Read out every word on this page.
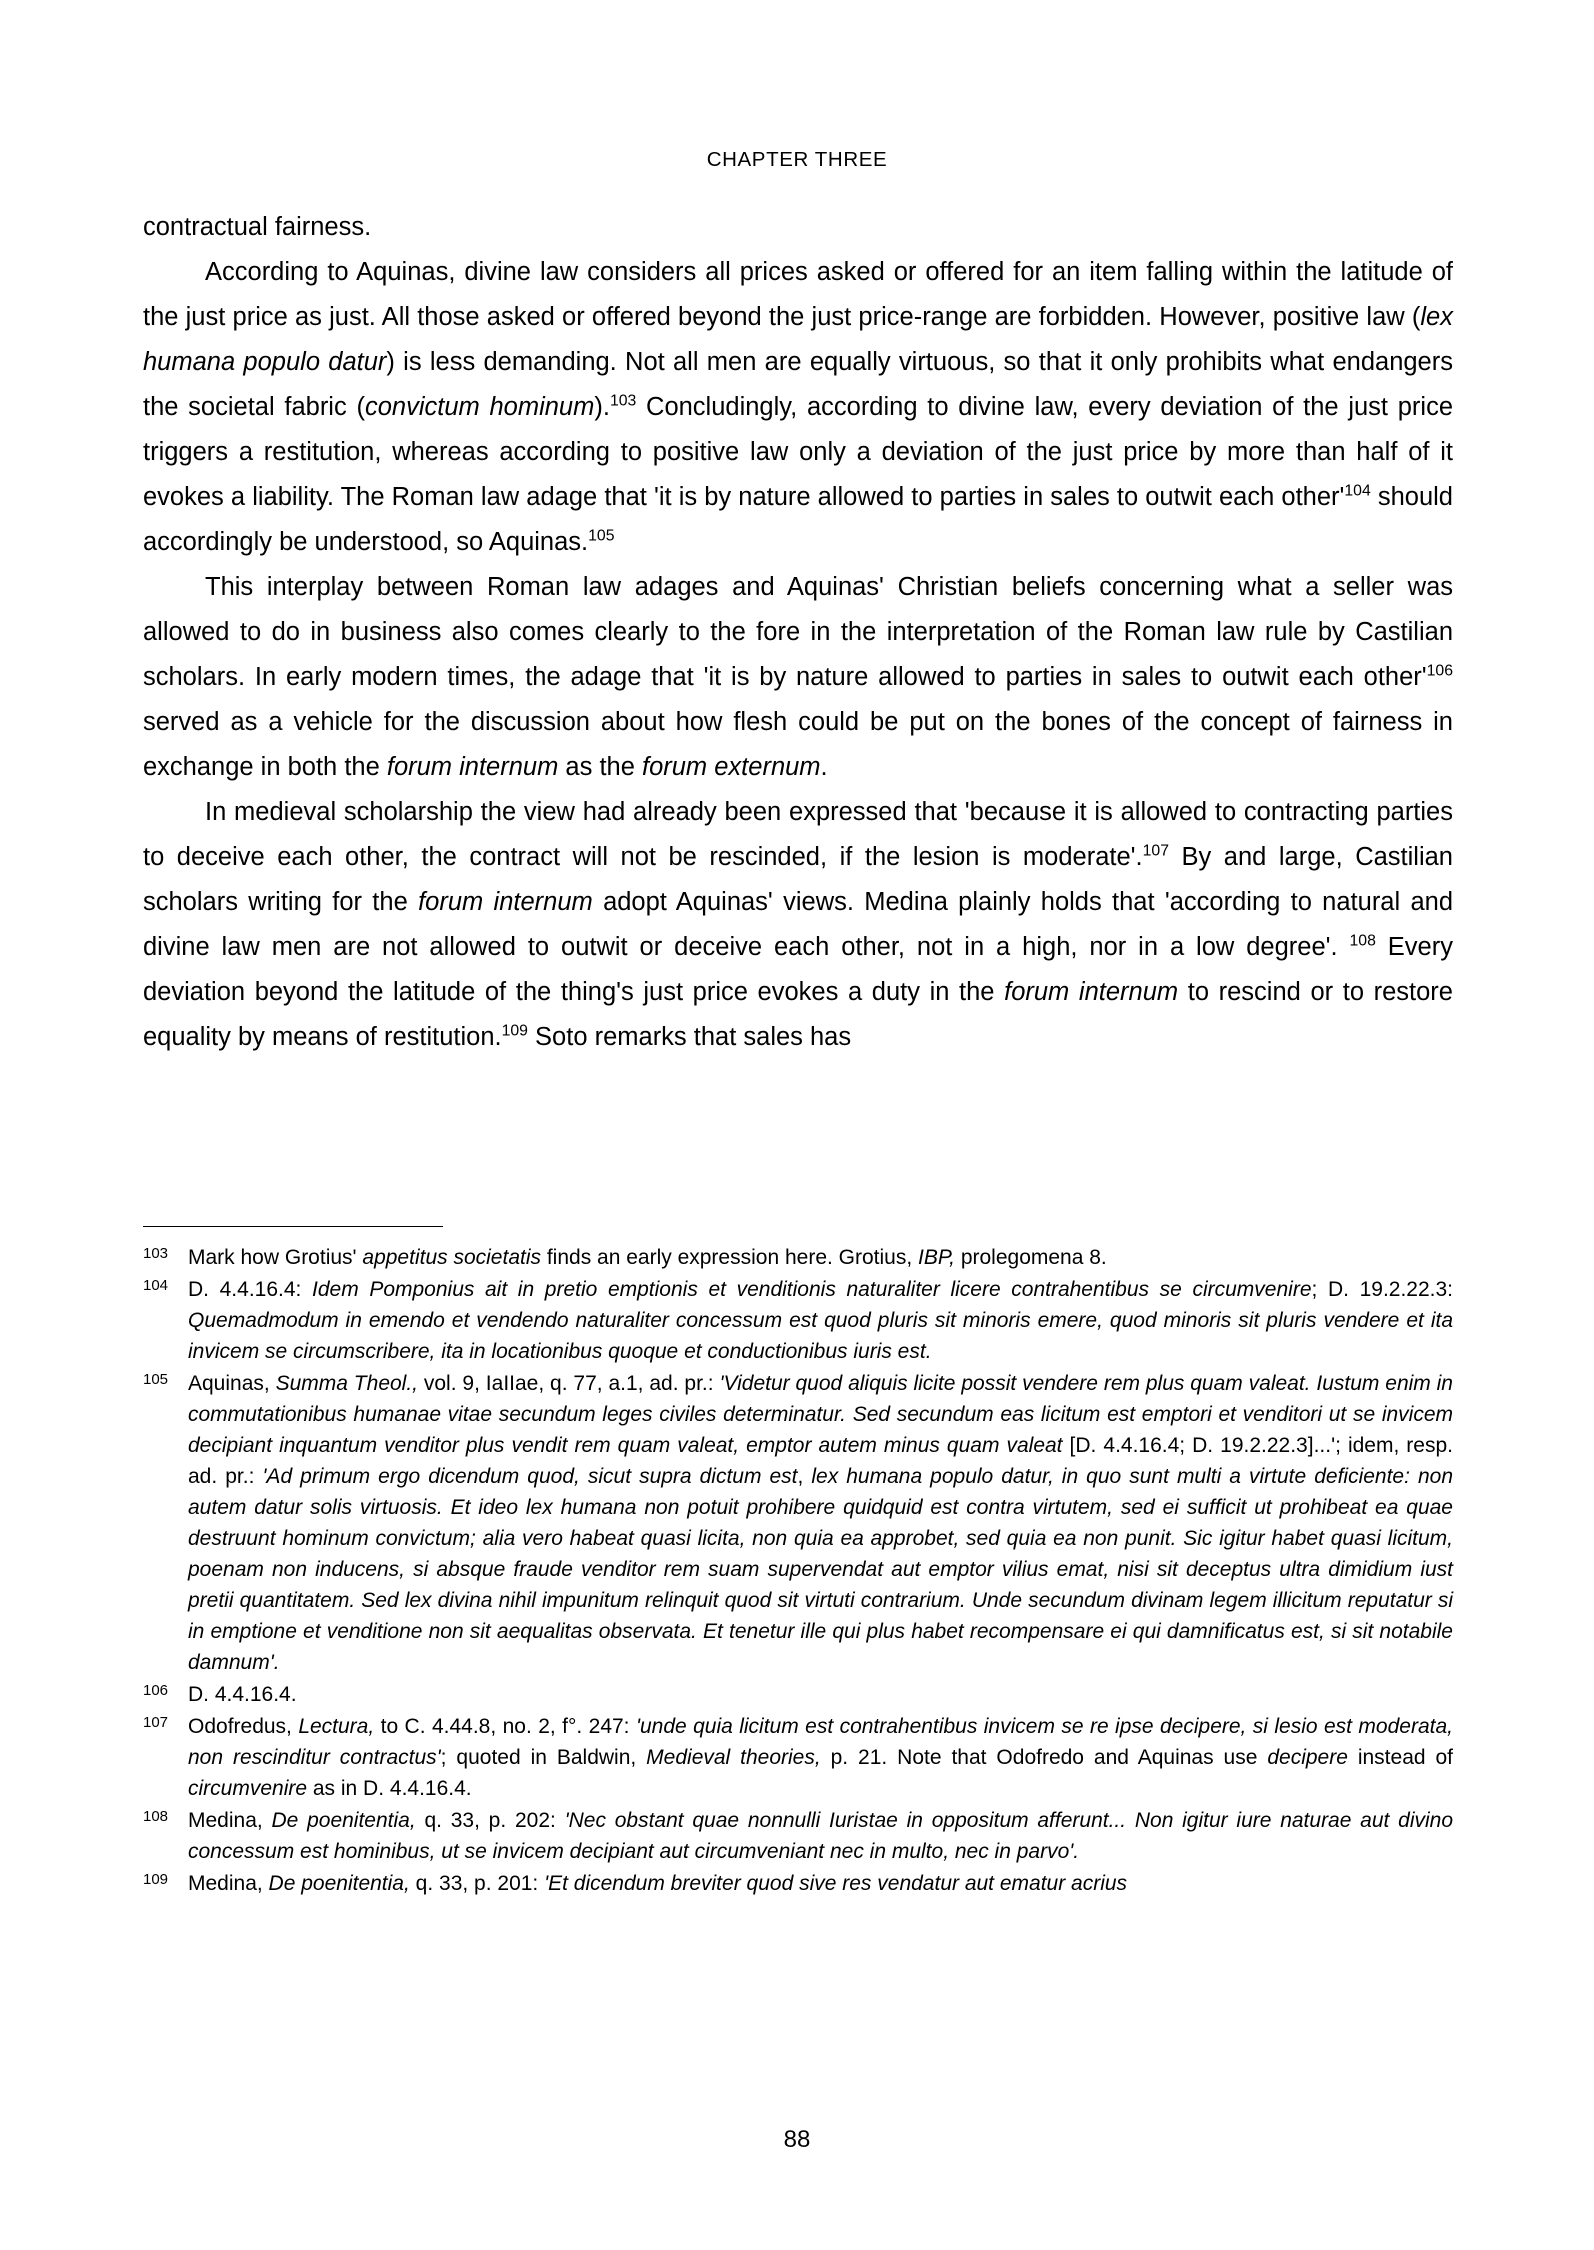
CHAPTER THREE

contractual fairness.

According to Aquinas, divine law considers all prices asked or offered for an item falling within the latitude of the just price as just. All those asked or offered beyond the just price-range are forbidden. However, positive law (lex humana populo datur) is less demanding. Not all men are equally virtuous, so that it only prohibits what endangers the societal fabric (convictum hominum).$^{103}$ Concludingly, according to divine law, every deviation of the just price triggers a restitution, whereas according to positive law only a deviation of the just price by more than half of it evokes a liability. The Roman law adage that 'it is by nature allowed to parties in sales to outwit each $other'^{104}$ should accordingly be understood, so Aquinas.$^{105}$

This interplay between Roman law adages and Aquinas' Christian beliefs concerning what a seller was allowed to do in business also comes clearly to the fore in the interpretation of the Roman law rule by Castilian scholars. In early modern times, the adage that 'it is by nature allowed to parties in sales to outwit each $other'^{106}$ served as a vehicle for the discussion about how flesh could be put on the bones of the concept of fairness in exchange in both the forum internum as the forum externum.

In medieval scholarship the view had already been expressed that 'because it is allowed to contracting parties to deceive each other, the contract will not be rescinded, if the lesion is moderate'.$^{107}$ By and large, Castilian scholars writing for the forum internum adopt Aquinas' views. Medina plainly holds that 'according to natural and divine law men are not allowed to outwit or deceive each other, not in a high, nor in a low degree'. $^{108}$ Every deviation beyond the latitude of the thing's just price evokes a duty in the forum internum to rescind or to restore equality by means of restitution.$^{109}$ Soto remarks that sales has

103 Mark how Grotius' appetitus societatis finds an early expression here. Grotius, IBP, prolegomena 8.
104 D. 4.4.16.4: Idem Pomponius ait in pretio emptionis et venditionis naturaliter licere contrahentibus se circumvenire; D. 19.2.22.3: Quemadmodum in emendo et vendendo naturaliter concessum est quod pluris sit minoris emere, quod minoris sit pluris vendere et ita invicem se circumscribere, ita in locationibus quoque et conductionibus iuris est.
105 Aquinas, Summa Theol., vol. 9, IaIIae, q. 77, a.1, ad. pr.: 'Videtur quod aliquis licite possit vendere rem plus quam valeat. Iustum enim in commutationibus humanae vitae secundum leges civiles determinatur. Sed secundum eas licitum est emptori et venditori ut se invicem decipiant inquantum venditor plus vendit rem quam valeat, emptor autem minus quam valeat [D. 4.4.16.4; D. 19.2.22.3]...'; idem, resp. ad. pr.: 'Ad primum ergo dicendum quod, sicut supra dictum est, lex humana populo datur, in quo sunt multi a virtute deficiente: non autem datur solis virtuosis. Et ideo lex humana non potuit prohibere quidquid est contra virtutem, sed ei sufficit ut prohibeat ea quae destruunt hominum convictum; alia vero habeat quasi licita, non quia ea approbet, sed quia ea non punit. Sic igitur habet quasi licitum, poenam non inducens, si absque fraude venditor rem suam supervendat aut emptor vilius emat, nisi sit deceptus ultra dimidium iust pretii quantitatem. Sed lex divina nihil impunitum relinquit quod sit virtuti contrarium. Unde secundum divinam legem illicitum reputatur si in emptione et venditione non sit aequalitas observata. Et tenetur ille qui plus habet recompensare ei qui damnificatus est, si sit notabile damnum'.
106 D. 4.4.16.4.
107 Odofredus, Lectura, to C. 4.44.8, no. 2, f°. 247: 'unde quia licitum est contrahentibus invicem se re ipse decipere, si lesio est moderata, non rescinditur contractus'; quoted in Baldwin, Medieval theories, p. 21. Note that Odofredo and Aquinas use decipere instead of circumvenire as in D. 4.4.16.4.
108 Medina, De poenitentia, q. 33, p. 202: 'Nec obstant quae nonnulli Iuristae in oppositum afferunt... Non igitur iure naturae aut divino concessum est hominibus, ut se invicem decipiant aut circumveniant nec in multo, nec in parvo'.
109 Medina, De poenitentia, q. 33, p. 201: 'Et dicendum breviter quod sive res vendatur aut ematur acrius
88
